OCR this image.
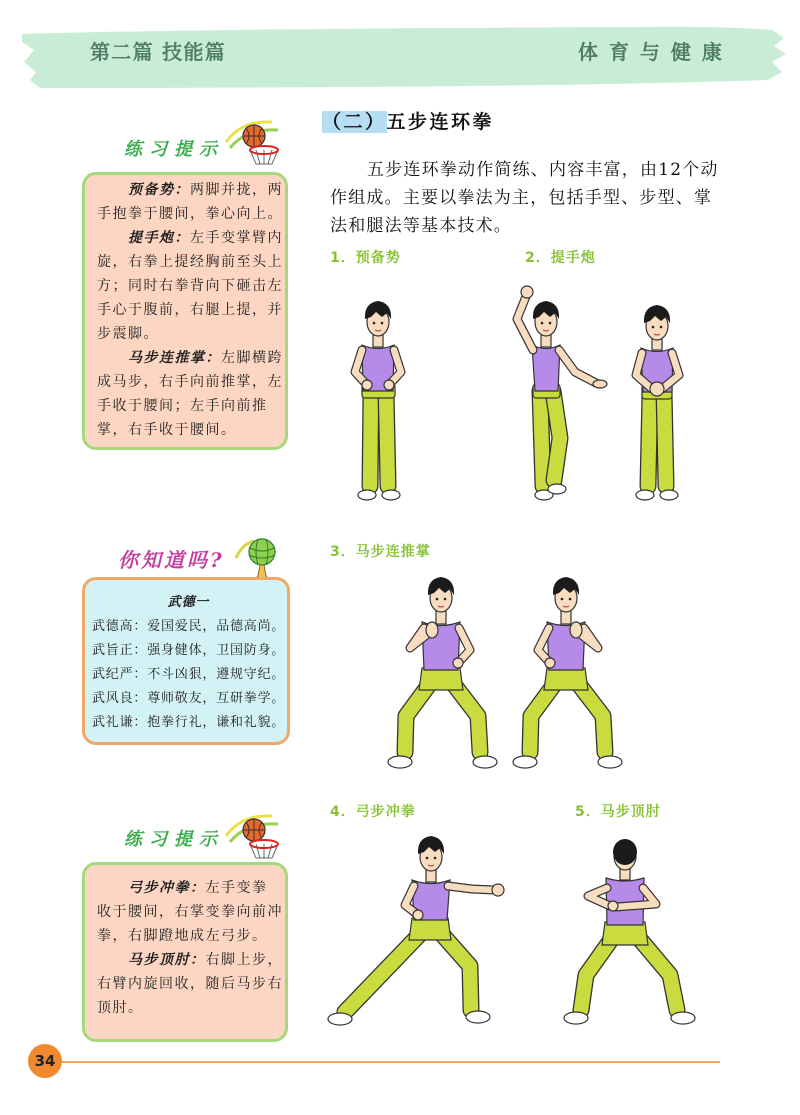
第二篇 技能篇	体 育 与 健 康
练习提示
预备势：两脚并拢，两
手抱拳于腰间，拳心向上。
提手炮：左手变掌臂内
旋，右拳上提经胸前至头上
方；同时右拳背向下砸击左
手心于腹前，右腿上提，并
步震脚。
马步连推掌：左脚横跨
成马步，右手向前推掌，左
手收于腰间；左手向前推
掌，右手收于腰间。
你知道吗?
武德一
武德高：爱国爱民，品德高尚。
武旨正：强身健体，卫国防身。
武纪严：不斗凶狠，遵规守纪。
武风良：尊师敬友，互研拳学。
武礼谦：抱拳行礼，谦和礼貌。
练习提示
弓步冲拳：左手变拳
收于腰间，右掌变拳向前冲
拳，右脚蹬地成左弓步。
马步顶肘：右脚上步，
右臂内旋回收，随后马步右
顶肘。
（二）五步连环拳
五步连环拳动作简练、内容丰富，由12个动
作组成。主要以拳法为主，包括手型、步型、掌
法和腿法等基本技术。
1．预备势	2．提手炮
3．马步连推掌
4．弓步冲拳	5．马步顶肘
34
